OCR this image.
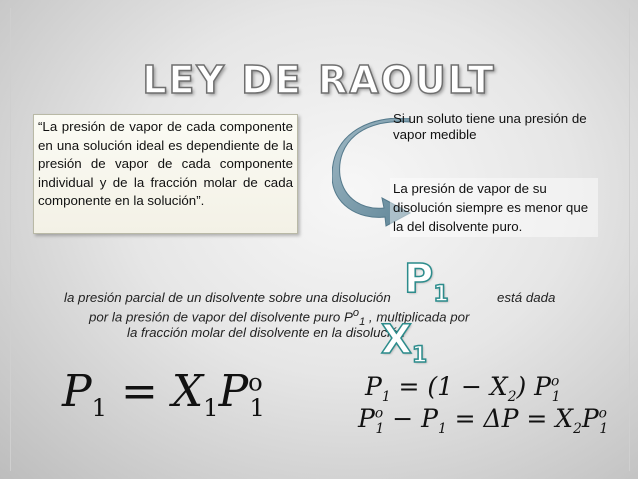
LEY DE RAOULT

“La presión de vapor de cada componente en una solución ideal es dependiente de la presión de vapor de cada componente individual y de la fracción molar de cada componente en la solución”.

Si un soluto tiene una presión de vapor medible
La presión de vapor de su disolución siempre es menor que la del disolvente puro.
$P_1$
la presión parcial de un disolvente sobre una disolución	está dada
por la presión de vapor del disolvente puro $P^o_1$ , multiplicada por
la fracción molar del disolvente en la disolución
$X_1$
$P_1 = X_1P^o_1$
$P_1 = (1 - X_2)$ $P^o_1$
$P^o_1 - P_1 = \Delta P = X_2P^o_1$
